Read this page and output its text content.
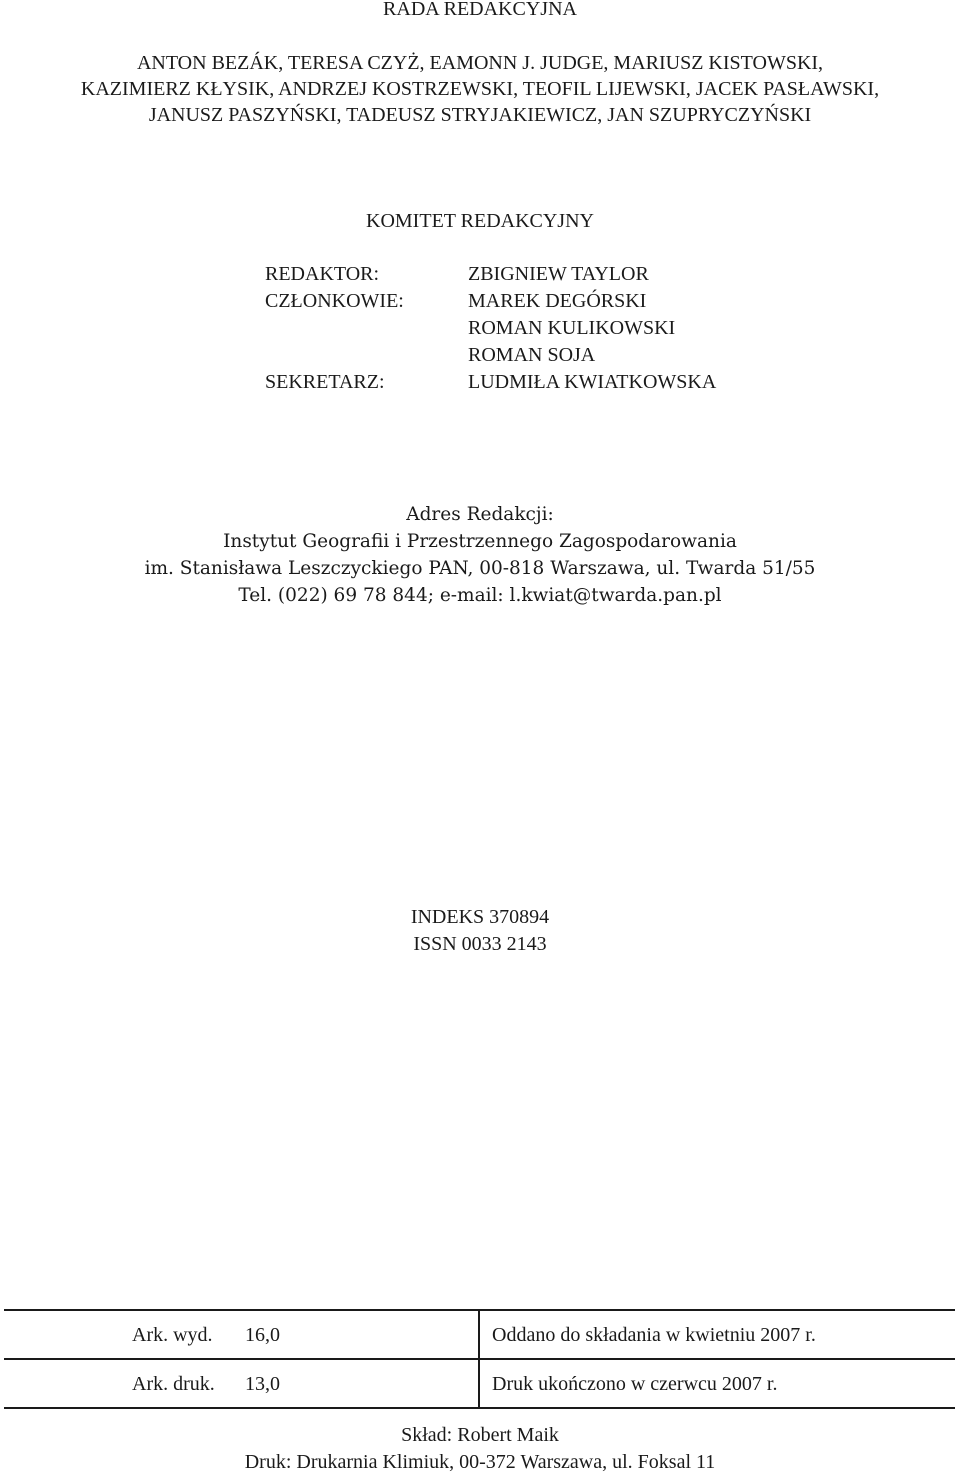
RADA REDAKCYJNA

ANTON BEZÁK, TERESA CZYŻ, EAMONN J. JUDGE, MARIUSZ KISTOWSKI,

KAZIMIERZ KŁYSIK, ANDRZEJ KOSTRZEWSKI, TEOFIL LIJEWSKI, JACEK PASŁAWSKI,

JANUSZ PASZYŃSKI, TADEUSZ STRYJAKIEWICZ, JAN SZUPRYCZYŃSKI

KOMITET REDAKCYJNY

REDAKTOR:
CZŁONKOWIE:
SEKRETARZ:
ZBIGNIEW TAYLOR
MAREK DEGÓRSKI
ROMAN KULIKOWSKI
ROMAN SOJA
LUDMIŁA KWIATKOWSKA

Adres Redakcji:

Instytut Geografii i Przestrzennego Zagospodarowania

im. Stanisława Leszczyckiego PAN, 00-818 Warszawa, ul. Twarda 51/55

Tel. (022) 69 78 844; e-mail: l.kwiat@twarda.pan.pl

INDEKS 370894

ISSN 0033 2143

Ark. wyd. 16,0	Oddano do składania w kwietniu 2007 r.
Ark. druk. 13,0	Druk ukończono w czerwcu 2007 r.

Skład: Robert Maik

Druk: Drukarnia Klimiuk, 00-372 Warszawa, ul. Foksal 11
